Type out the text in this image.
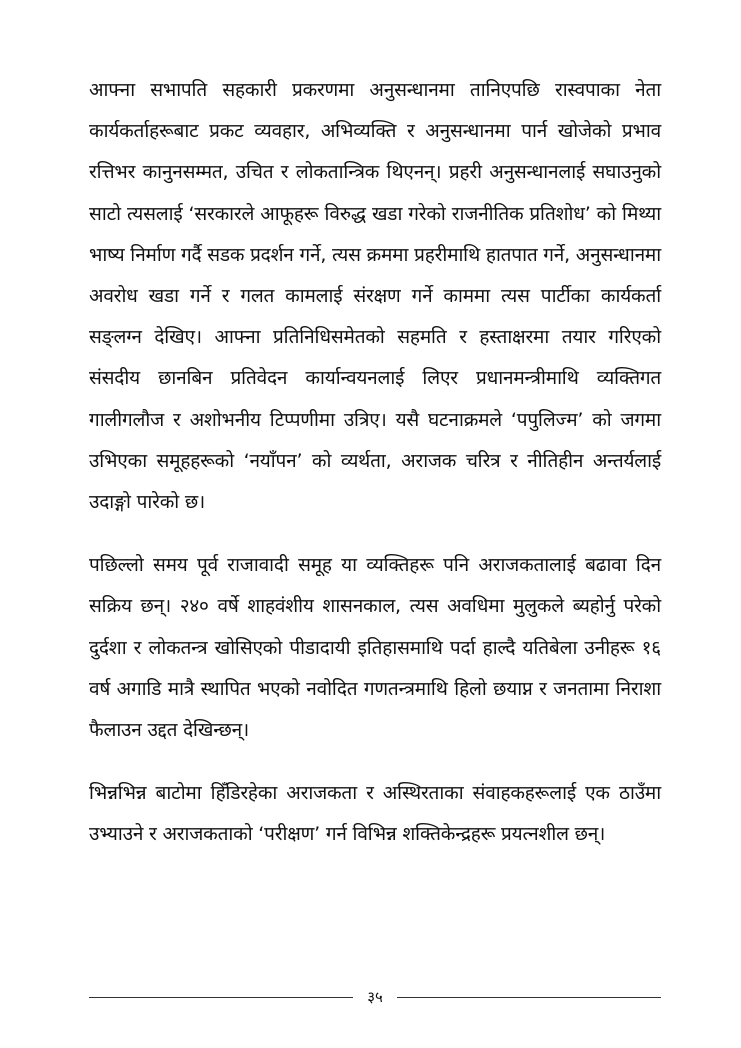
आफ्ना सभापति सहकारी प्रकरणमा अनुसन्धानमा तानिएपछि रास्वपाका नेता कार्यकर्ताहरूबाट प्रकट व्यवहार, अभिव्यक्ति र अनुसन्धानमा पार्न खोजेको प्रभाव रत्तिभर कानुनसम्मत, उचित र लोकतान्त्रिक थिएनन्। प्रहरी अनुसन्धानलाई सघाउनुको साटो त्यसलाई ‘सरकारले आफूहरू विरुद्ध खडा गरेको राजनीतिक प्रतिशोध’ को मिथ्या भाष्य निर्माण गर्दै सडक प्रदर्शन गर्ने, त्यस क्रममा प्रहरीमाथि हातपात गर्ने, अनुसन्धानमा अवरोध खडा गर्ने र गलत कामलाई संरक्षण गर्ने काममा त्यस पार्टीका कार्यकर्ता सङ्लग्न देखिए। आफ्ना प्रतिनिधिसमेतको सहमति र हस्ताक्षरमा तयार गरिएको संसदीय छानबिन प्रतिवेदन कार्यान्वयनलाई लिएर प्रधानमन्त्रीमाथि व्यक्तिगत गालीगलौज र अशोभनीय टिप्पणीमा उत्रिए। यसै घटनाक्रमले ‘पपुलिज्म’ को जगमा उभिएका समूहहरूको ‘नयाँपन’ को व्यर्थता, अराजक चरित्र र नीतिहीन अन्तर्यलाई उदाङ्गो पारेको छ।

पछिल्लो समय पूर्व राजावादी समूह या व्यक्तिहरू पनि अराजकतालाई बढावा दिन सक्रिय छन्। २४० वर्षे शाहवंशीय शासनकाल, त्यस अवधिमा मुलुकले ब्यहोर्नु परेको दुर्दशा र लोकतन्त्र खोसिएको पीडादायी इतिहासमाथि पर्दा हाल्दै यतिबेला उनीहरू १६ वर्ष अगाडि मात्रै स्थापित भएको नवोदित गणतन्त्रमाथि हिलो छयाप्न र जनतामा निराशा फैलाउन उद्दत देखिन्छन्।

भिन्नभिन्न बाटोमा हिँडिरहेका अराजकता र अस्थिरताका संवाहकहरूलाई एक ठाउँमा उभ्याउने र अराजकताको ‘परीक्षण’ गर्न विभिन्न शक्तिकेन्द्रहरू प्रयत्नशील छन्।

३५
